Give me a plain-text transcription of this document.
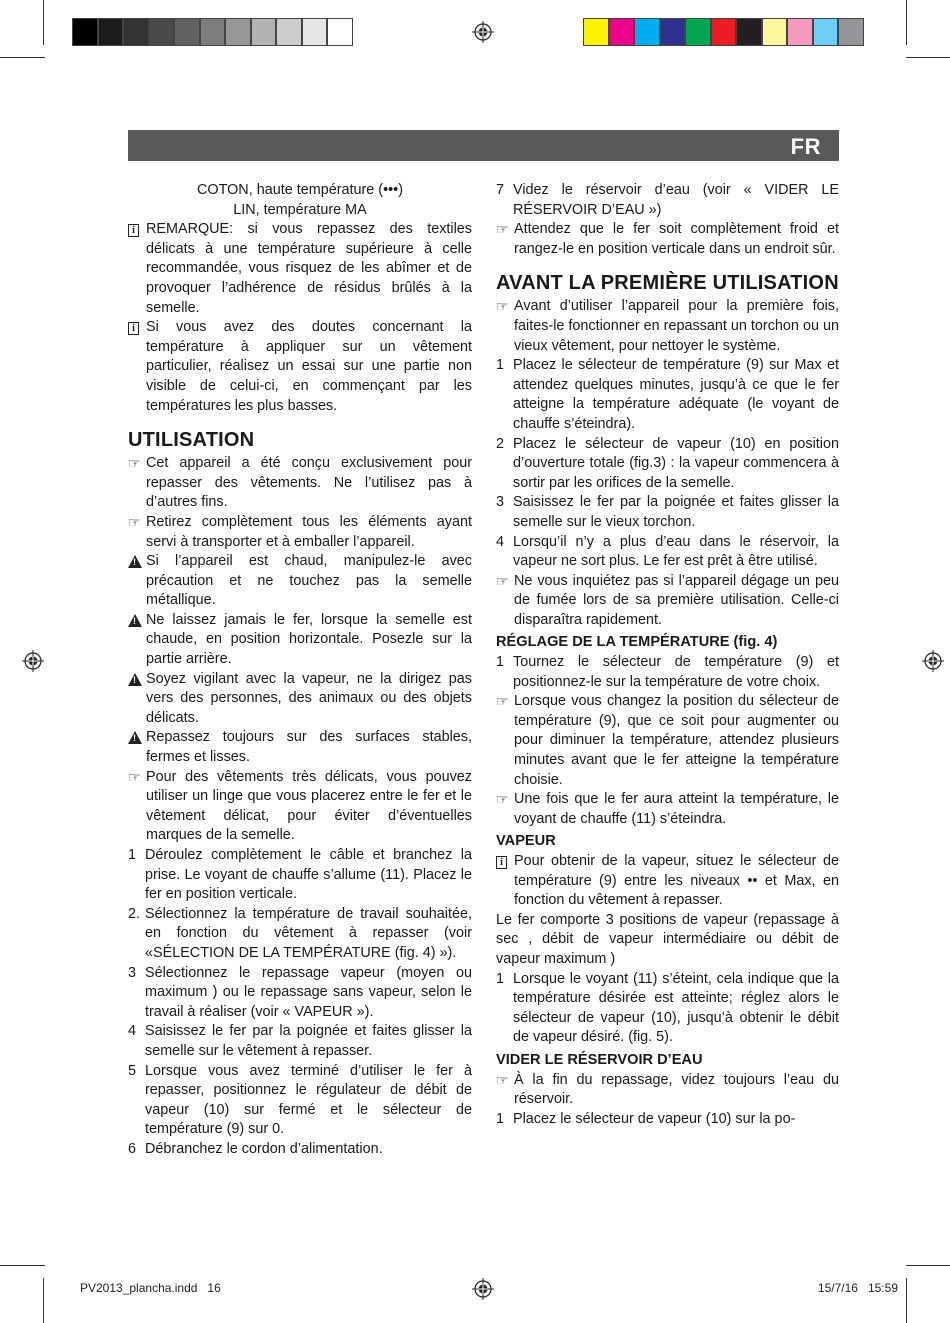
FR
COTON, haute température (•••)
LIN, température MA
i REMARQUE: si vous repassez des textiles délicats à une température supérieure à celle recommandée, vous risquez de les abîmer et de provoquer l’adhérence de résidus brûlés à la semelle.
i Si vous avez des doutes concernant la température à appliquer sur un vêtement particulier, réalisez un essai sur une partie non visible de celui-ci, en commençant par les températures les plus basses.
UTILISATION
☞ Cet appareil a été conçu exclusivement pour repasser des vêtements. Ne l’utilisez pas à d’autres fins.
☞ Retirez complètement tous les éléments ayant servi à transporter et à emballer l’appareil.
!
Si l’appareil est chaud, manipulez-le avec précaution et ne touchez pas la semelle métallique.
!
Ne laissez jamais le fer, lorsque la semelle est chaude, en position horizontale. Posezle sur la partie arrière.
!
Soyez vigilant avec la vapeur, ne la dirigez pas vers des personnes, des animaux ou des objets délicats.
!
Repassez toujours sur des surfaces stables, fermes et lisses.
☞ Pour des vêtements très délicats, vous pouvez utiliser un linge que vous placerez entre le fer et le vêtement délicat, pour éviter d’éventuelles marques de la semelle.
1 Déroulez complètement le câble et branchez la prise. Le voyant de chauffe s’allume (11). Placez le fer en position verticale.
2. Sélectionnez la température de travail souhaitée, en fonction du vêtement à repasser (voir «SÉLECTION DE LA TEMPÉRATURE (fig. 4) »).
3 Sélectionnez le repassage vapeur (moyen ou maximum ) ou le repassage sans vapeur, selon le travail à réaliser (voir « VAPEUR »).
4 Saisissez le fer par la poignée et faites glisser la semelle sur le vêtement à repasser.
5 Lorsque vous avez terminé d’utiliser le fer à repasser, positionnez le régulateur de débit de vapeur (10) sur fermé et le sélecteur de température (9) sur 0.
6 Débranchez le cordon d’alimentation.
7 Videz le réservoir d’eau (voir « VIDER LE RÉSERVOIR D’EAU »)
☞ Attendez que le fer soit complètement froid et rangez-le en position verticale dans un endroit sûr.
AVANT LA PREMIÈRE UTILISATION
☞ Avant d’utiliser l’appareil pour la première fois, faites-le fonctionner en repassant un torchon ou un vieux vêtement, pour nettoyer le système.
1 Placez le sélecteur de température (9) sur Max et attendez quelques minutes, jusqu’à ce que le fer atteigne la température adéquate (le voyant de chauffe s’éteindra).
2 Placez le sélecteur de vapeur (10) en position d’ouverture totale (fig.3) : la vapeur commencera à sortir par les orifices de la semelle.
3 Saisissez le fer par la poignée et faites glisser la semelle sur le vieux torchon.
4 Lorsqu’il n’y a plus d’eau dans le réservoir, la vapeur ne sort plus. Le fer est prêt à être utilisé.
☞ Ne vous inquiétez pas si l’appareil dégage un peu de fumée lors de sa première utilisation. Celle-ci disparaîtra rapidement.
RÉGLAGE DE LA TEMPÉRATURE (fig. 4)
1 Tournez le sélecteur de température (9) et positionnez-le sur la température de votre choix.
☞ Lorsque vous changez la position du sélecteur de température (9), que ce soit pour augmenter ou pour diminuer la température, attendez plusieurs minutes avant que le fer atteigne la température choisie.
☞ Une fois que le fer aura atteint la température, le voyant de chauffe (11) s’éteindra.
VAPEUR
i Pour obtenir de la vapeur, situez le sélecteur de température (9) entre les niveaux •• et Max, en fonction du vêtement à repasser.
Le fer comporte 3 positions de vapeur (repassage à sec , débit de vapeur intermédiaire ou débit de vapeur maximum )
1 Lorsque le voyant (11) s’éteint, cela indique que la température désirée est atteinte; réglez alors le sélecteur de vapeur (10), jusqu’à obtenir le débit de vapeur désiré. (fig. 5).
VIDER LE RÉSERVOIR D’EAU
☞ À la fin du repassage, videz toujours l’eau du réservoir.
1 Placez le sélecteur de vapeur (10) sur la po-
PV2013_plancha.indd   16	15/7/16   15:59
